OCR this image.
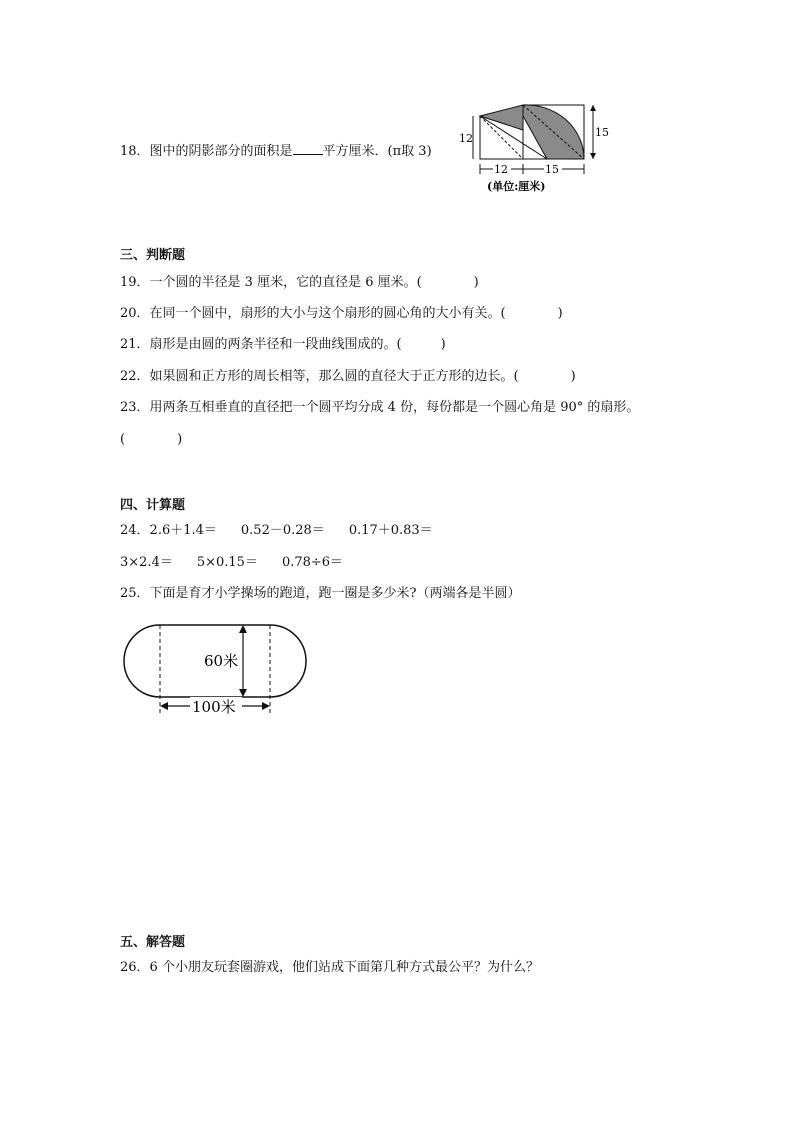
18．图中的阴影部分的面积是 平方厘米．(π取 3)
12	15
12	15
(单位:厘米)
三、判断题
19．一个圆的半径是 3 厘米，它的直径是 6 厘米。(　　　　)
20．在同一个圆中，扇形的大小与这个扇形的圆心角的大小有关。(　　　　)
21．扇形是由圆的两条半径和一段曲线围成的。(　　　)
22．如果圆和正方形的周长相等，那么圆的直径大于正方形的边长。(　　　　)
23．用两条互相垂直的直径把一个圆平均分成 4 份，每份都是一个圆心角是 90° 的扇形。
(　　　　)
四、计算题
24．2.6＋1.4＝ 0.52－0.28＝ 0.17＋0.83＝
3×2.4＝ 5×0.15＝ 0.78÷6＝
25．下面是育才小学操场的跑道，跑一圈是多少米?（两端各是半圆）
60米
100米
五、解答题
26．6 个小朋友玩套圈游戏，他们站成下面第几种方式最公平？为什么？
